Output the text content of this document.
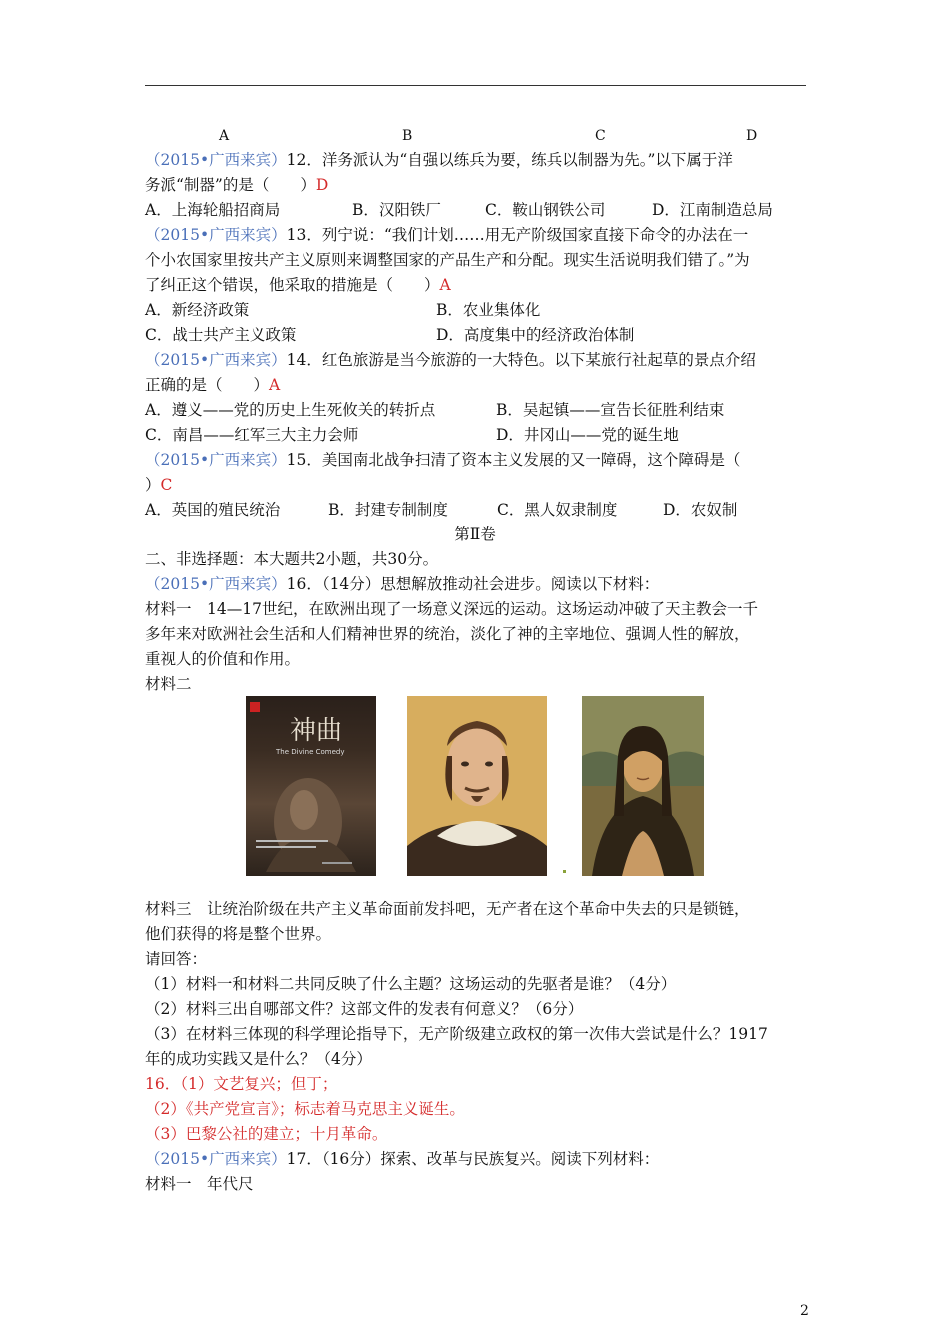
A	B	C	D
（2015•广西来宾）12．洋务派认为“自强以练兵为要，练兵以制器为先。”以下属于洋
务派“制器”的是（　　）D
A．上海轮船招商局	B．汉阳铁厂	C．鞍山钢铁公司	D．江南制造总局
（2015•广西来宾）13．列宁说：“我们计划……用无产阶级国家直接下命令的办法在一
个小农国家里按共产主义原则来调整国家的产品生产和分配。现实生活说明我们错了。”为
了纠正这个错误，他采取的措施是（　　）A
A．新经济政策	B．农业集体化
C．战士共产主义政策	D．高度集中的经济政治体制
（2015•广西来宾）14．红色旅游是当今旅游的一大特色。以下某旅行社起草的景点介绍
正确的是（　　）A
A．遵义——党的历史上生死攸关的转折点	B．吴起镇——宣告长征胜利结束
C．南昌——红军三大主力会师	D．井冈山——党的诞生地
（2015•广西来宾）15．美国南北战争扫清了资本主义发展的又一障碍，这个障碍是（
）C
A．英国的殖民统治	B．封建专制制度	C．黑人奴隶制度	D．农奴制
第Ⅱ卷
二、非选择题：本大题共2小题，共30分。
（2015•广西来宾）16．（14分）思想解放推动社会进步。阅读以下材料：
材料一　14—17世纪，在欧洲出现了一场意义深远的运动。这场运动冲破了天主教会一千
多年来对欧洲社会生活和人们精神世界的统治，淡化了神的主宰地位、强调人性的解放，
重视人的价值和作用。
材料二
神曲
The Divine Comedy
材料三　让统治阶级在共产主义革命面前发抖吧，无产者在这个革命中失去的只是锁链，
他们获得的将是整个世界。
请回答：
（1）材料一和材料二共同反映了什么主题？这场运动的先驱者是谁？（4分）
（2）材料三出自哪部文件？这部文件的发表有何意义？（6分）
（3）在材料三体现的科学理论指导下，无产阶级建立政权的第一次伟大尝试是什么？1917
年的成功实践又是什么？（4分）
16．（1）文艺复兴；但丁；
（2）《共产党宣言》；标志着马克思主义诞生。
（3）巴黎公社的建立；十月革命。
（2015•广西来宾）17．（16分）探索、改革与民族复兴。阅读下列材料：
材料一　年代尺
2
